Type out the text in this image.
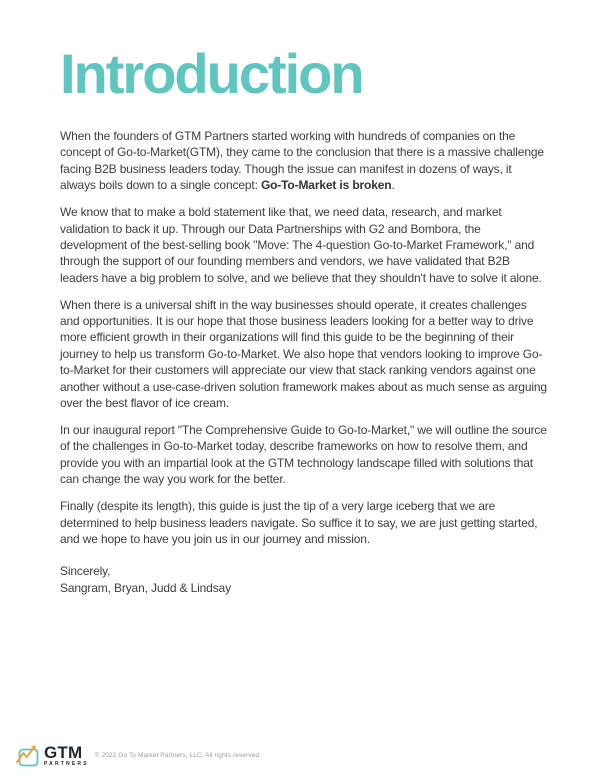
Introduction

When the founders of GTM Partners started working with hundreds of companies on the concept of Go-to-Market(GTM), they came to the conclusion that there is a massive challenge facing B2B business leaders today. Though the issue can manifest in dozens of ways, it always boils down to a single concept: Go-To-Market is broken.

We know that to make a bold statement like that, we need data, research, and market validation to back it up. Through our Data Partnerships with G2 and Bombora, the development of the best-selling book "Move: The 4-question Go-to-Market Framework," and through the support of our founding members and vendors, we have validated that B2B leaders have a big problem to solve, and we believe that they shouldn't have to solve it alone.

When there is a universal shift in the way businesses should operate, it creates challenges and opportunities. It is our hope that those business leaders looking for a better way to drive more efficient growth in their organizations will find this guide to be the beginning of their journey to help us transform Go-to-Market. We also hope that vendors looking to improve Go-to-Market for their customers will appreciate our view that stack ranking vendors against one another without a use-case-driven solution framework makes about as much sense as arguing over the best flavor of ice cream.

In our inaugural report "The Comprehensive Guide to Go-to-Market," we will outline the source of the challenges in Go-to-Market today, describe frameworks on how to resolve them, and provide you with an impartial look at the GTM technology landscape filled with solutions that can change the way you work for the better.

Finally (despite its length), this guide is just the tip of a very large iceberg that we are determined to help business leaders navigate. So suffice it to say, we are just getting started, and we hope to have you join us in our journey and mission.

Sincerely,

Sangram, Bryan, Judd & Lindsay

GTM
PARTNERS
© 2022 Go To Market Partners, LLC. All rights reserved.
